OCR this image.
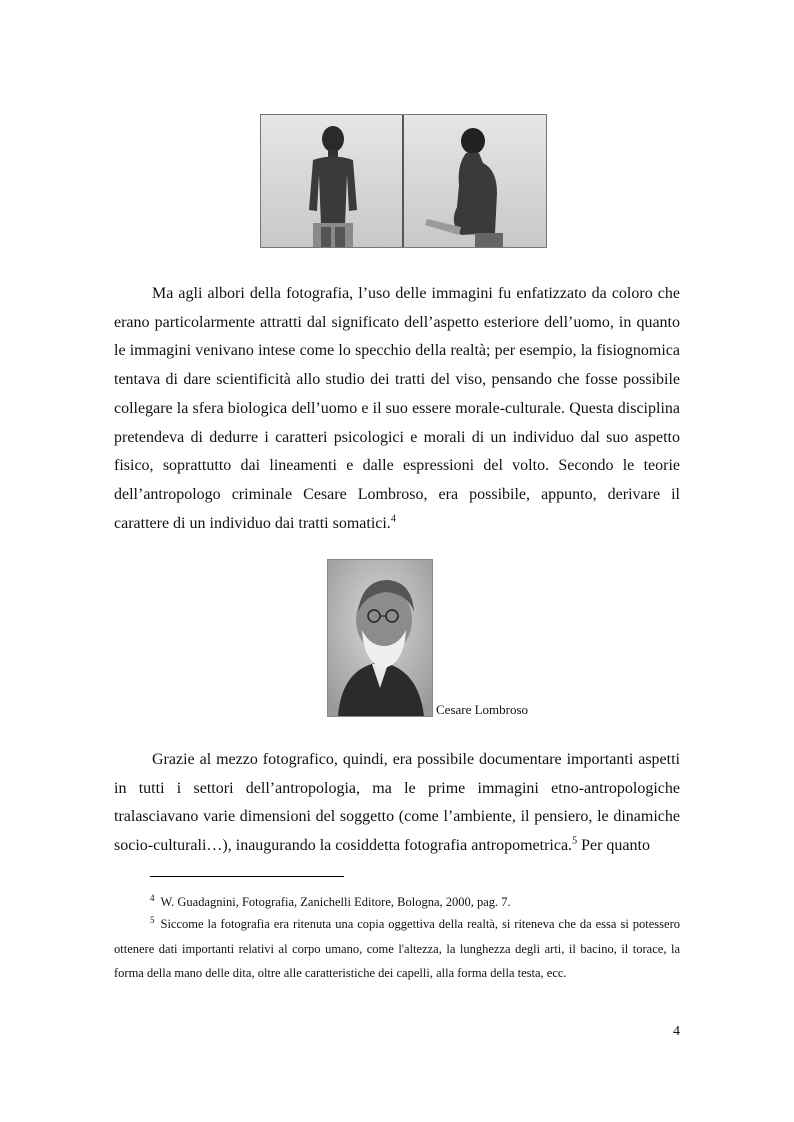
Ma agli albori della fotografia, l’uso delle immagini fu enfatizzato da coloro che erano particolarmente attratti dal significato dell’aspetto esteriore dell’uomo, in quanto le immagini venivano intese come lo specchio della realtà; per esempio, la fisiognomica tentava di dare scientificità allo studio dei tratti del viso, pensando che fosse possibile collegare la sfera biologica dell’uomo e il suo essere morale-culturale. Questa disciplina pretendeva di dedurre i caratteri psicologici e morali di un individuo dal suo aspetto fisico, soprattutto dai lineamenti e dalle espressioni del volto. Secondo le teorie dell’antropologo criminale Cesare Lombroso, era possibile, appunto, derivare il carattere di un individuo dai tratti somatici.$^4$

Cesare Lombroso

Grazie al mezzo fotografico, quindi, era possibile documentare importanti aspetti in tutti i settori dell’antropologia, ma le prime immagini etno-antropologiche tralasciavano varie dimensioni del soggetto (come l’ambiente, il pensiero, le dinamiche socio-culturali…), inaugurando la cosiddetta fotografia antropometrica.$^5$ Per quanto

$^4$ W. Guadagnini, Fotografia, Zanichelli Editore, Bologna, 2000, pag. 7.
$^5$ Siccome la fotografia era ritenuta una copia oggettiva della realtà, si riteneva che da essa si potessero ottenere dati importanti relativi al corpo umano, come l'altezza, la lunghezza degli arti, il bacino, il torace, la forma della mano delle dita, oltre alle caratteristiche dei capelli, alla forma della testa, ecc.
4
